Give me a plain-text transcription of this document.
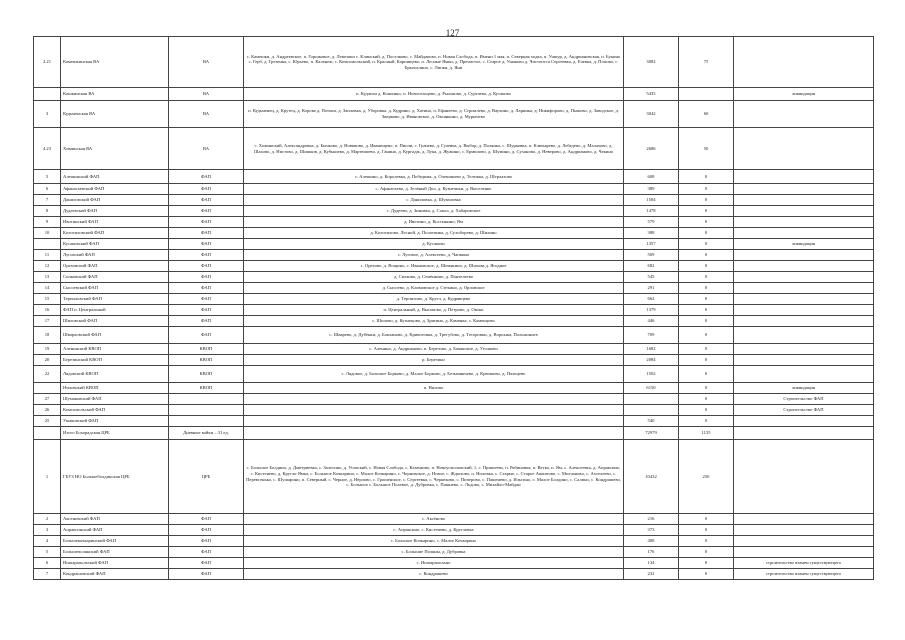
127
2.21	Камешкинская ВА	ВА	с. Камешки, д. Андреевское, п. Горшковое, д. Лемешки с. Клинский, д. Поселково, с. Майдаково, п. Новая Слобода, п. Имени 1 мая, п. Северная ходка, п. Ушкур, д. Андриановская, п. Букино с. Герб, д. Грезенка, с. Юрьево, п. Каленеж, с. Комсомольский, п. Красный, Карпищево, п. Лесные Ямки, д. Пречистое, с. Старое д. Ушаково д. Чистоисса Сергеевка, д. Ечевка, д. Попово, с. Брызгалино, с. Липки, д. Яни	3082	75	
	Кошкинская ВА	ВА	п. Кудлиха д. Кошкино, п. Новосельцево, д. Рыльково, д. Суртаево, д. Кусаково	5435		ликвидация
3	Кудьменская ВА	ВА	п. Кудьменец, д. Крутец, д. Корова д. Потоки, д. Заиловка, д. Уборовка, д. Кудрино, д. Хатино, п. Ефанеево, д. Стромлево, д. Ваулино, д. Ларинка, д. Никифорово, д. Пыжово, д. Заводское, д. Зверково, д. Ивановское, д. Овсянкино, д. Мурычево	3042	60	
4.23	Химинская ВА	ВА	с. Химинский, Александровка, д. Бычково, д. Новиково, д. Иванищево, п. Пиоли, с. Грачево, д. Гулевка, д. Выбор, д. Полянка, с. Шурковка, п. Клюкарево, д. Лебедево, д. Малахово, д. Шахово, д. Нистово, д. Шишков, д. Кубышево, д. Мартюшево, д. Ганино, д. Кургадж, д. Лука, д. Жужино, с. Ермилово, д. Шумино, д. Суханово, д. Неверово, д. Андрианово, д. Чекино	2686	50	
5	Алешинский ФАП	ФАП	с. Алешино, д. Королевка, д. Победима, д. Олешинево д. Тележка, д. Шерлахово	608	0	
6	Афанасьевский ФАП	ФАП	с. Афанасьево, д. Зелёный Дол, д. Кузнечики, д. Выселенко	389	0	
7	Даниловский ФАП	ФАП	с. Даниловка, д. Шуваловка	1504	0	
8	Дудеевский ФАП	ФАП	с. Дудеево, д. Зиновка, д. Сокол, д. Хабаровское	1478	0	
9	Ивотинский ФАП	ФАП	д. Ивотино, д. Костынино, Ям	579	0	
10	Колотиловский ФАП	ФАП	д. Колотилово, Лесной, д. Полотинка, д. Сухоборево, д. Шилино	388	0	
	Кусаковский ФАП	ФАП	д. Кусаково	1357	0	ликвидация
11	Луговский ФАП	ФАП	с. Луговое, д. Алексеево, д. Чапкино	509	0	
12	Ореховский ФАП	ФАП	с. Орехово, д. Вощино, с. Ивановское, д. Шемякино, д. Шихова д. Ягодное	682	0	
13	Силковский ФАП	ФАП	д. Силково, д. Семёнково, д. Пантелеево	545	0	
14	Сысоевский ФАП	ФАП	д. Сысоево, д. Климовское д. Стекино, д. Орловское	291	0	
15	Терпиловский ФАП	ФАП	д. Терпилово, д. Кругл, д. Кудрявцево	662	0	
16	ФАП п. Центральный	ФАП	п. Центральный, д. Высоково, д. Петрово, д. Оконь	1379	0	
17	Шиловский ФАП	ФАП	с. Шилово, д. Кузнецово, д. Зрятино, д. Каменка, с. Каменцово	446	0	
18	Шварловский ФАП	ФАП	с. Шварево, д. Дубёнки, д. Бакланово, д. Кривотовка, д. Трегубово, д. Теторовки, д. Ворокша, Польжоньев	709	0	
19	Аленинский КВОП	КВОП	с. Аленино, д. Андрьяново, п. Березово, д. Бачанское, д. Уголково	1682	0	
20	Березинский КВОП	КВОП	р. Березино	2084	0	
22	Лядовский КВОП	КВОП	с. Лядовое, д. Большое Борково, д. Малое Борково, д. Безымянчево, д. Крючково, д. Пальцево	1502	0	
	Ниловский КВОП	КВОП	п. Нилово	6150	0	ликвидация
27	Шумаковский ФАП				0	Строительство ФАП
26	Комсомольский ФАП				0	Строительство ФАП
25	Ушаковский ФАП			540	0	
	Итого Бохорадская ЦРБ	Дневные койки – 31 ед.		72979	1135	
1	ГБУЗ НО Большеболдинская ЦРБ	ЦРБ	с. Большое Болдино, д. Дмитриевка, с. Залесино, д. Усовский, с. Новая Слобода, с. Казачково, п. Новоусмоловский, 1, с. Пришеево, п. Рябиновка, п. Ветка, п. Ям, с. Алексеевка, д. Апраксино, с. Кистенево, д. Кругло-Ямка, с. Большое Кочкарино, с. Малое Кочкарино, с. Черновское, д. Новое, с. Ждыхово, п. Ниловка, с. Старые, с. Старое Ашкатово, с. Молчаново, с. Ахтелеево, с. Перевсенько, с. Шушарино, п. Северный, с. Черное, д. Нерлово, с. Грошенское, с. Сергеевка, с. Чернеково, с. Пичерово, с. Пашенево, д. Ильгино, с. Малое Болдино, с. Салино, с. Кондрашево, с. Большое с. Большое Полевое, д. Дубровка, с. Пашнево, с. Льдово, с. Михайло-Майдан	10432	250	
2	Аксеновский ФАП	ФАП	с. Аксёново	216	0	
3	Апраксинский ФАП	ФАП	с. Апраксино, с. Кистенево, д. Кругловка	373	0	
4	Большекочкаринский ФАП	ФАП	с. Большое Кочкарино, с. Малое Кочкарино	408	0	
5	Большеполянский ФАП	ФАП	с. Большие Поляны, д. Дубровка	176	0	
6	Ишпарапольский ФАП	ФАП	с. Ишпарапольно	134	0	строительство взамен существующего
7	Кондрашовский ФАП	ФАП	с. Кондрашево	232	0	строительство взамен существующего
